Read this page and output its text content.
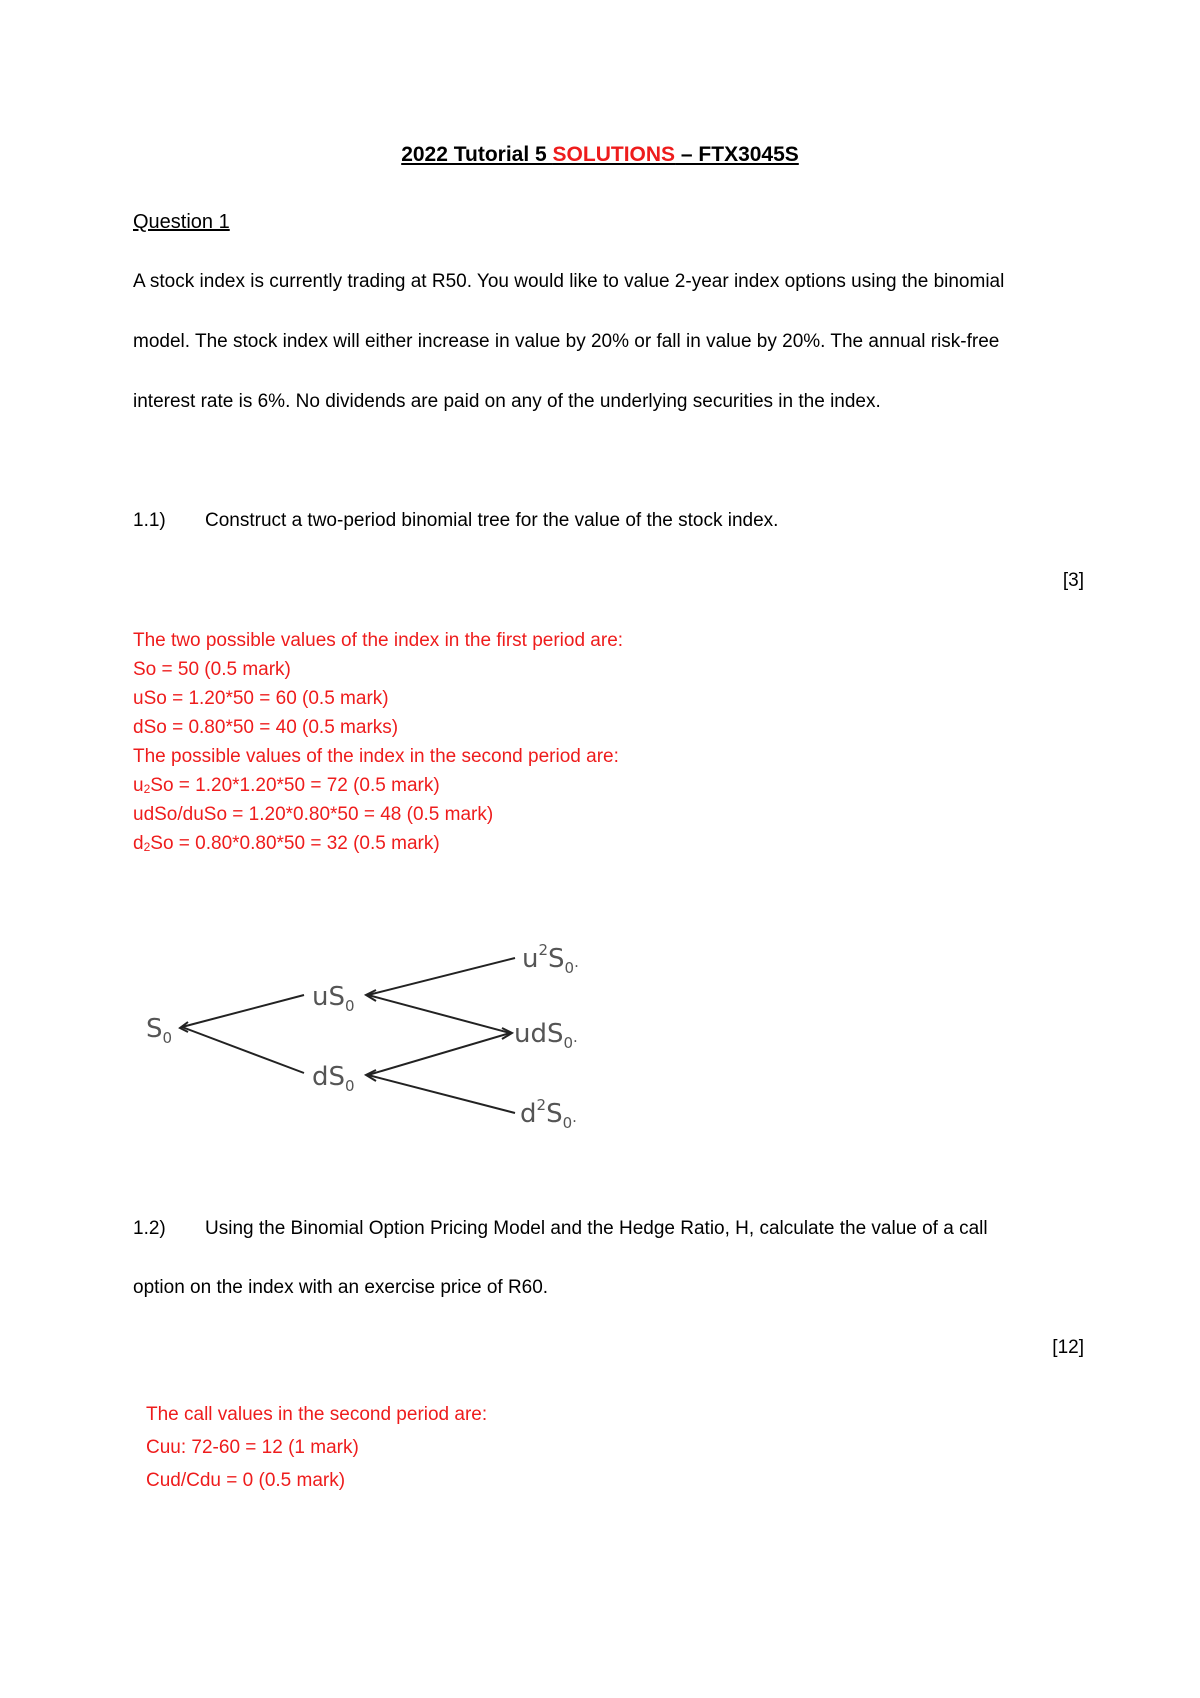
2022 Tutorial 5 SOLUTIONS – FTX3045S
Question 1
A stock index is currently trading at R50. You would like to value 2-year index options using the binomial
model. The stock index will either increase in value by 20% or fall in value by 20%. The annual risk-free
interest rate is 6%. No dividends are paid on any of the underlying securities in the index.
1.1) Construct a two-period binomial tree for the value of the stock index.
[3]
The two possible values of the index in the first period are:
So = 50 (0.5 mark)
uSo = 1.20*50 = 60 (0.5 mark)
dSo = 0.80*50 = 40 (0.5 marks)
The possible values of the index in the second period are:
u2So = 1.20*1.20*50 = 72 (0.5 mark)
udSo/duSo = 1.20*0.80*50 = 48 (0.5 mark)
d2So = 0.80*0.80*50 = 32 (0.5 mark)
$S_0$
$uS_0$
$dS_0$
$u^2S_0^.$
udS$_0$.
$d^2S_0^.$
1.2) Using the Binomial Option Pricing Model and the Hedge Ratio, H, calculate the value of a call
option on the index with an exercise price of R60.
[12]
The call values in the second period are:
Cuu: 72-60 = 12 (1 mark)
Cud/Cdu = 0 (0.5 mark)
